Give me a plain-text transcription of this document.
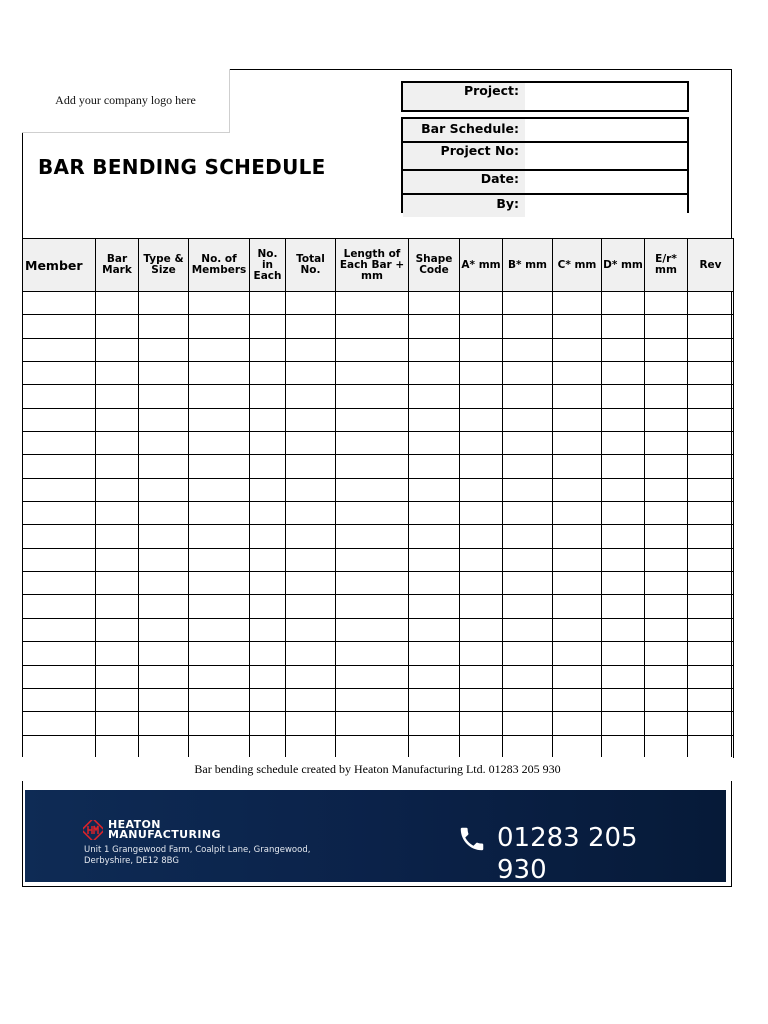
Add your company logo here
BAR BENDING SCHEDULE
Project:
Bar Schedule:
Project No:
Date:
By:
Member	Bar Mark	Type & Size	No. of Members	No. in Each	Total No.	Length of Each Bar + mm	Shape Code	A* mm	B* mm	C* mm	D* mm	E/r* mm	Rev

Bar bending schedule created by Heaton Manufacturing Ltd. 01283 205 930
HEATON
MANUFACTURING
Unit 1 Grangewood Farm, Coalpit Lane, Grangewood, Derbyshire, DE12 8BG
01283 205 930
